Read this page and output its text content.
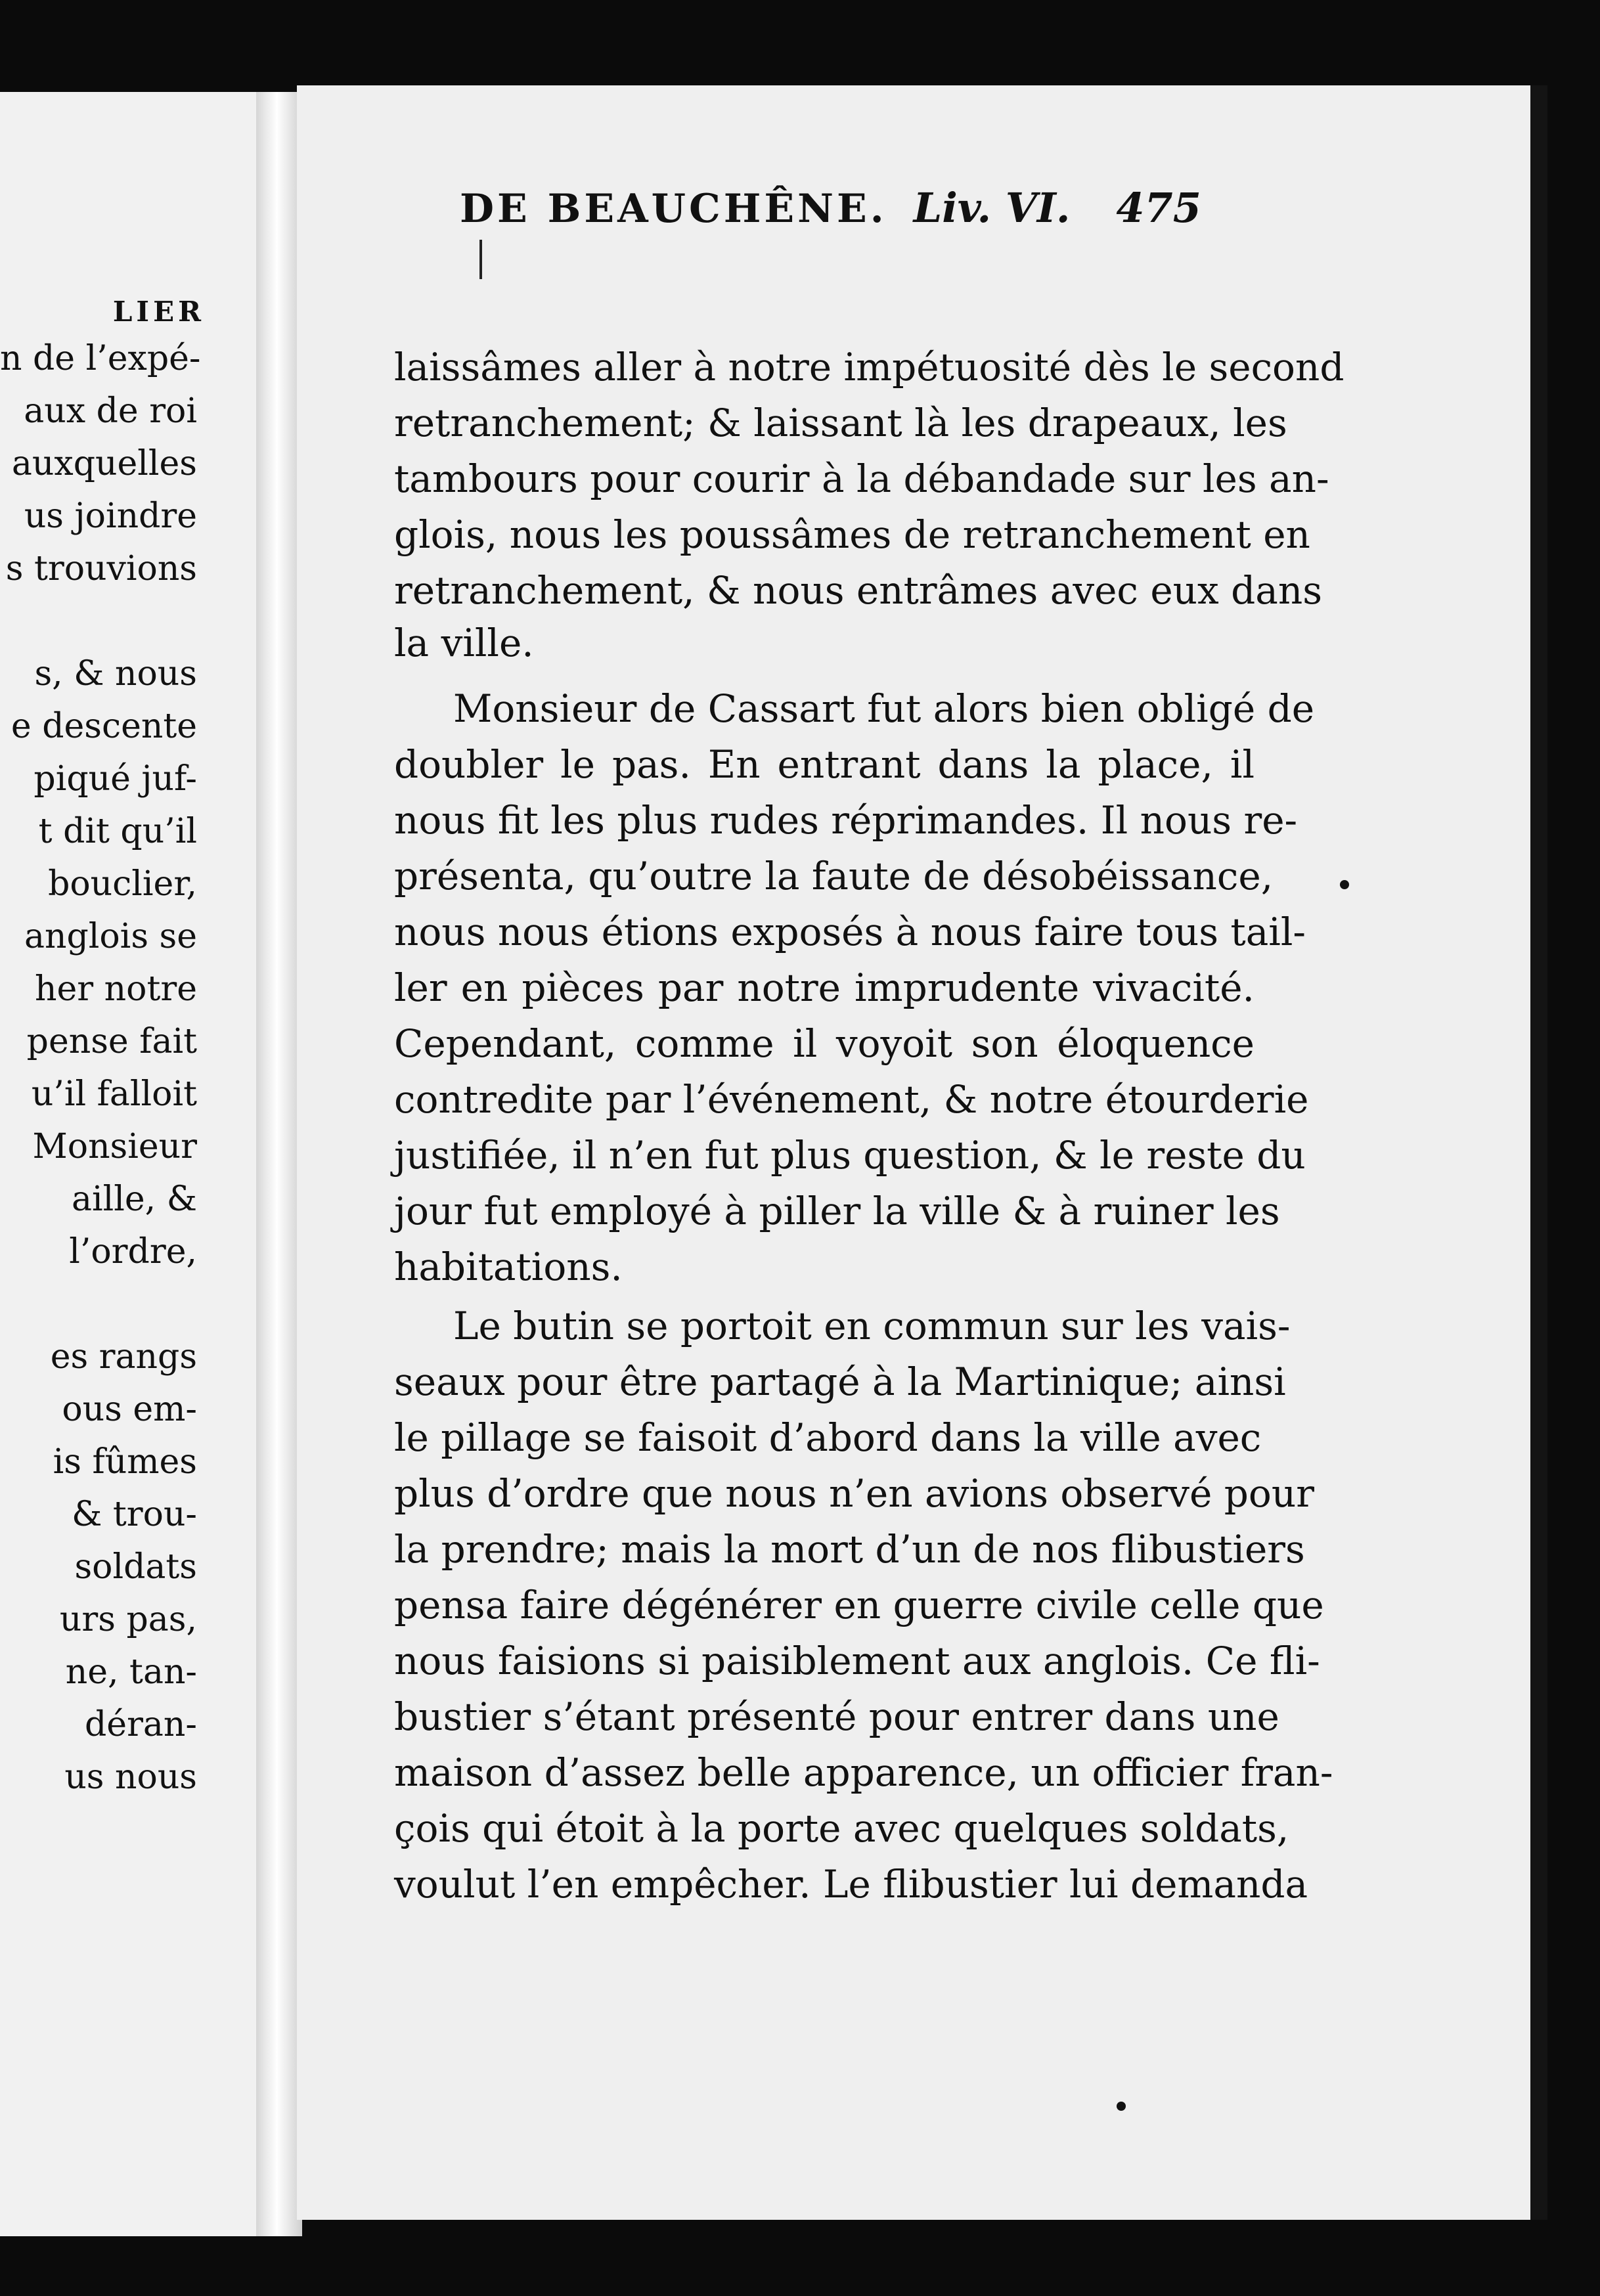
LIER
DE BEAUCHÊNE. Liv. VI. 475
n de l’expé-
aux de roi
auxquelles
us joindre
s trouvions
s, & nous
e descente
piqué juf-
t dit qu’il
bouclier,
anglois se
her notre
pense fait
u’il falloit
Monsieur
aille, &
l’ordre,
es rangs
ous em-
is fûmes
& trou-
soldats
urs pas,
ne, tan-
déran-
us nous
laissâmes aller à notre impétuosité dès le second
retranchement; & laissant là les drapeaux, les
tambours pour courir à la débandade sur les an-
glois, nous les poussâmes de retranchement en
retranchement, & nous entrâmes avec eux dans
la ville.
Monsieur de Cassart fut alors bien obligé de
doubler le pas. En entrant dans la place, il
nous fit les plus rudes réprimandes. Il nous re-
présenta, qu’outre la faute de désobéissance,
nous nous étions exposés à nous faire tous tail-
ler en pièces par notre imprudente vivacité.
Cependant, comme il voyoit son éloquence
contredite par l’événement, & notre étourderie
justifiée, il n’en fut plus question, & le reste du
jour fut employé à piller la ville & à ruiner les
habitations.
Le butin se portoit en commun sur les vais-
seaux pour être partagé à la Martinique; ainsi
le pillage se faisoit d’abord dans la ville avec
plus d’ordre que nous n’en avions observé pour
la prendre; mais la mort d’un de nos flibustiers
pensa faire dégénérer en guerre civile celle que
nous faisions si paisiblement aux anglois. Ce fli-
bustier s’étant présenté pour entrer dans une
maison d’assez belle apparence, un officier fran-
çois qui étoit à la porte avec quelques soldats,
voulut l’en empêcher. Le flibustier lui demanda
